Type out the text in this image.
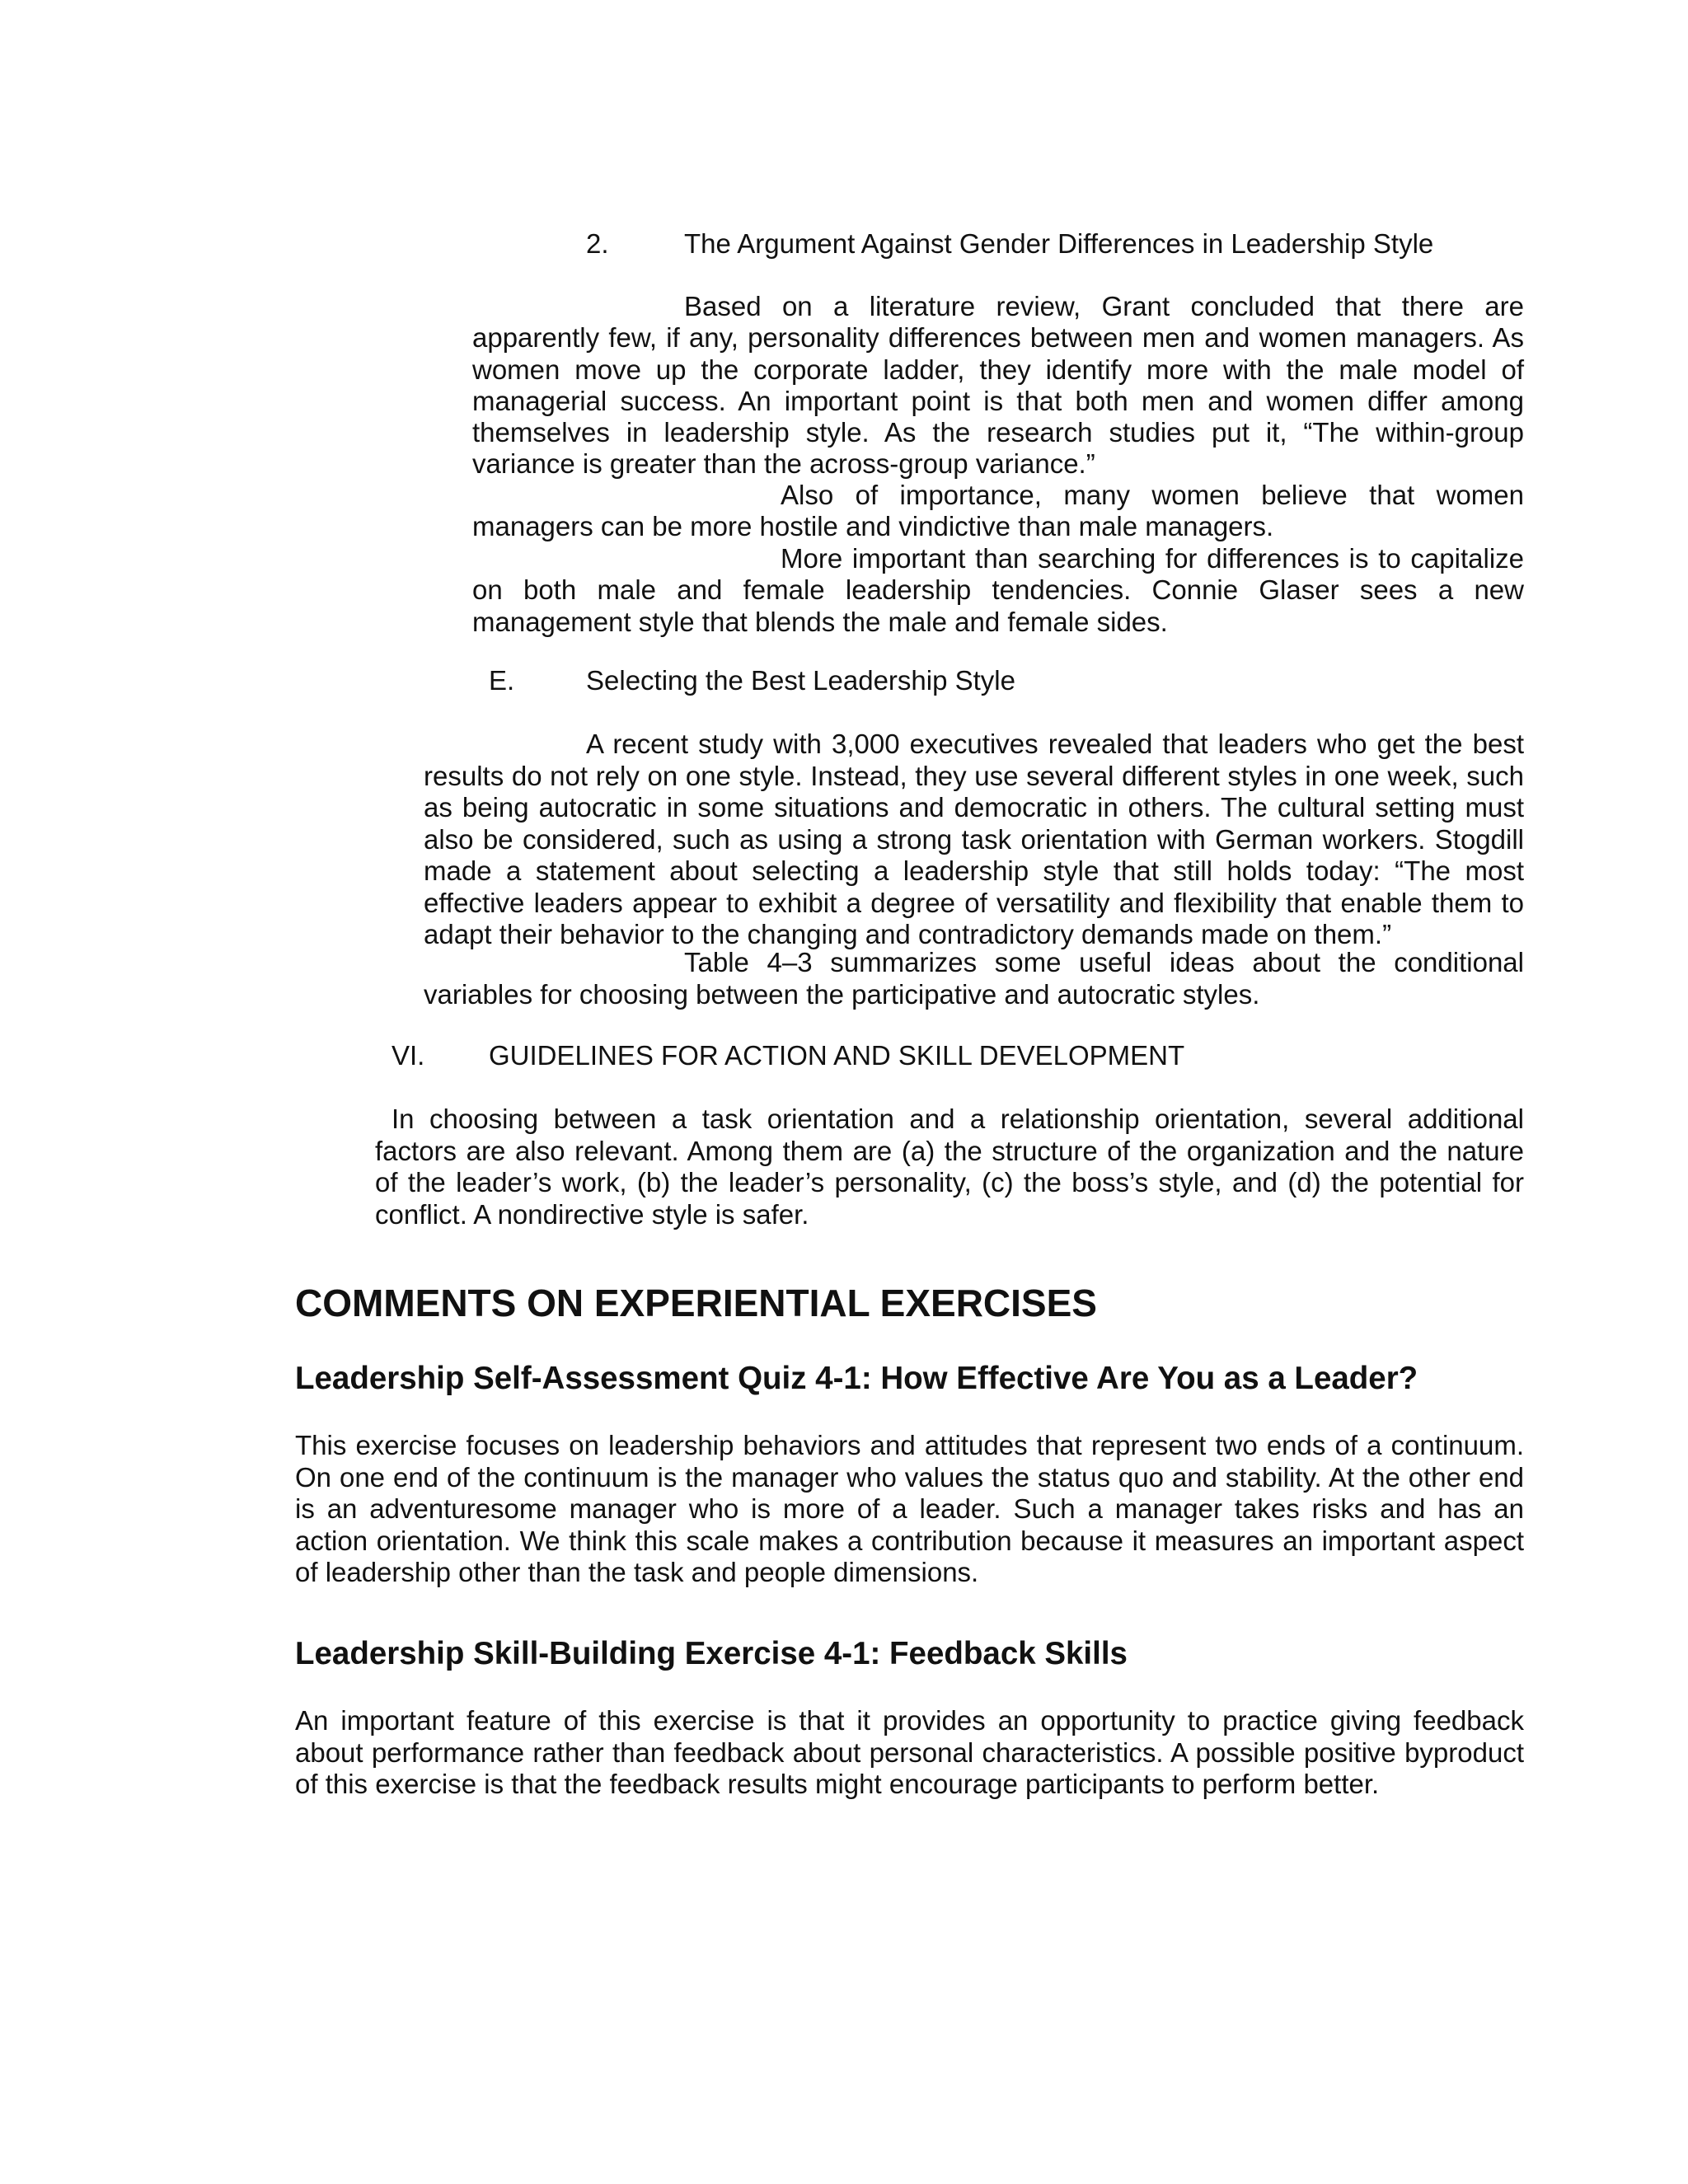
2.	The Argument Against Gender Differences in Leadership Style
Based on a literature review, Grant concluded that there are apparently few, if any, personality differences between men and women managers. As women move up the corporate ladder, they identify more with the male model of managerial success. An important point is that both men and women differ among themselves in leadership style. As the research studies put it, “The within-group variance is greater than the across-group variance.”
Also of importance, many women believe that women managers can be more hostile and vindictive than male managers.
More important than searching for differences is to capitalize on both male and female leadership tendencies. Connie Glaser sees a new management style that blends the male and female sides.
E.	Selecting the Best Leadership Style
A recent study with 3,000 executives revealed that leaders who get the best results do not rely on one style. Instead, they use several different styles in one week, such as being autocratic in some situations and democratic in others. The cultural setting must also be considered, such as using a strong task orientation with German workers. Stogdill made a statement about selecting a leadership style that still holds today: “The most effective leaders appear to exhibit a degree of versatility and flexibility that enable them to adapt their behavior to the changing and contradictory demands made on them.”
Table 4–3 summarizes some useful ideas about the conditional variables for choosing between the participative and autocratic styles.
VI. GUIDELINES FOR ACTION AND SKILL DEVELOPMENT
In choosing between a task orientation and a relationship orientation, several additional factors are also relevant. Among them are (a) the structure of the organization and the nature of the leader’s work, (b) the leader’s personality, (c) the boss’s style, and (d) the potential for conflict. A nondirective style is safer.
COMMENTS ON EXPERIENTIAL EXERCISES
Leadership Self-Assessment Quiz 4-1: How Effective Are You as a Leader?
This exercise focuses on leadership behaviors and attitudes that represent two ends of a continuum. On one end of the continuum is the manager who values the status quo and stability. At the other end is an adventuresome manager who is more of a leader. Such a manager takes risks and has an action orientation. We think this scale makes a contribution because it measures an important aspect of leadership other than the task and people dimensions.
Leadership Skill-Building Exercise 4-1: Feedback Skills
An important feature of this exercise is that it provides an opportunity to practice giving feedback about performance rather than feedback about personal characteristics. A possible positive byproduct of this exercise is that the feedback results might encourage participants to perform better.
